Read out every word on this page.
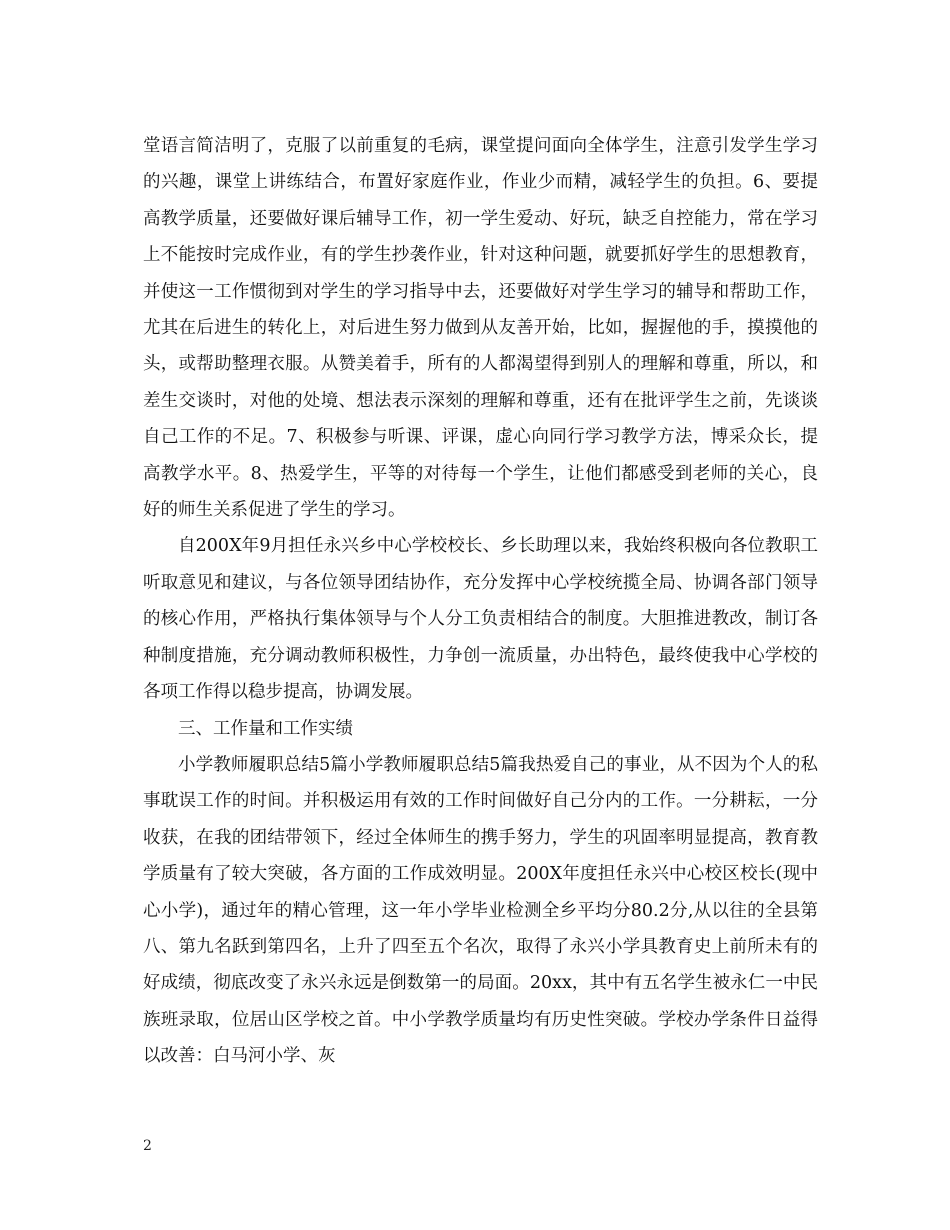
堂语言简洁明了，克服了以前重复的毛病，课堂提问面向全体学生，注意引发学生学习的兴趣，课堂上讲练结合，布置好家庭作业，作业少而精，减轻学生的负担。6、要提高教学质量，还要做好课后辅导工作，初一学生爱动、好玩，缺乏自控能力，常在学习上不能按时完成作业，有的学生抄袭作业，针对这种问题，就要抓好学生的思想教育，并使这一工作惯彻到对学生的学习指导中去，还要做好对学生学习的辅导和帮助工作，尤其在后进生的转化上，对后进生努力做到从友善开始，比如，握握他的手，摸摸他的头，或帮助整理衣服。从赞美着手，所有的人都渴望得到别人的理解和尊重，所以，和差生交谈时，对他的处境、想法表示深刻的理解和尊重，还有在批评学生之前，先谈谈自己工作的不足。7、积极参与听课、评课，虚心向同行学习教学方法，博采众长，提高教学水平。8、热爱学生，平等的对待每一个学生，让他们都感受到老师的关心，良好的师生关系促进了学生的学习。

自200X年9月担任永兴乡中心学校校长、乡长助理以来，我始终积极向各位教职工听取意见和建议，与各位领导团结协作，充分发挥中心学校统揽全局、协调各部门领导的核心作用，严格执行集体领导与个人分工负责相结合的制度。大胆推进教改，制订各种制度措施，充分调动教师积极性，力争创一流质量，办出特色，最终使我中心学校的各项工作得以稳步提高，协调发展。

三、工作量和工作实绩

小学教师履职总结5篇小学教师履职总结5篇我热爱自己的事业，从不因为个人的私事耽误工作的时间。并积极运用有效的工作时间做好自己分内的工作。一分耕耘，一分收获，在我的团结带领下，经过全体师生的携手努力，学生的巩固率明显提高，教育教学质量有了较大突破，各方面的工作成效明显。200X年度担任永兴中心校区校长(现中心小学)，通过年的精心管理，这一年小学毕业检测全乡平均分80.2分,从以往的全县第八、第九名跃到第四名，上升了四至五个名次，取得了永兴小学具教育史上前所未有的好成绩，彻底改变了永兴永远是倒数第一的局面。20xx，其中有五名学生被永仁一中民族班录取，位居山区学校之首。中小学教学质量均有历史性突破。学校办学条件日益得以改善：白马河小学、灰

2
